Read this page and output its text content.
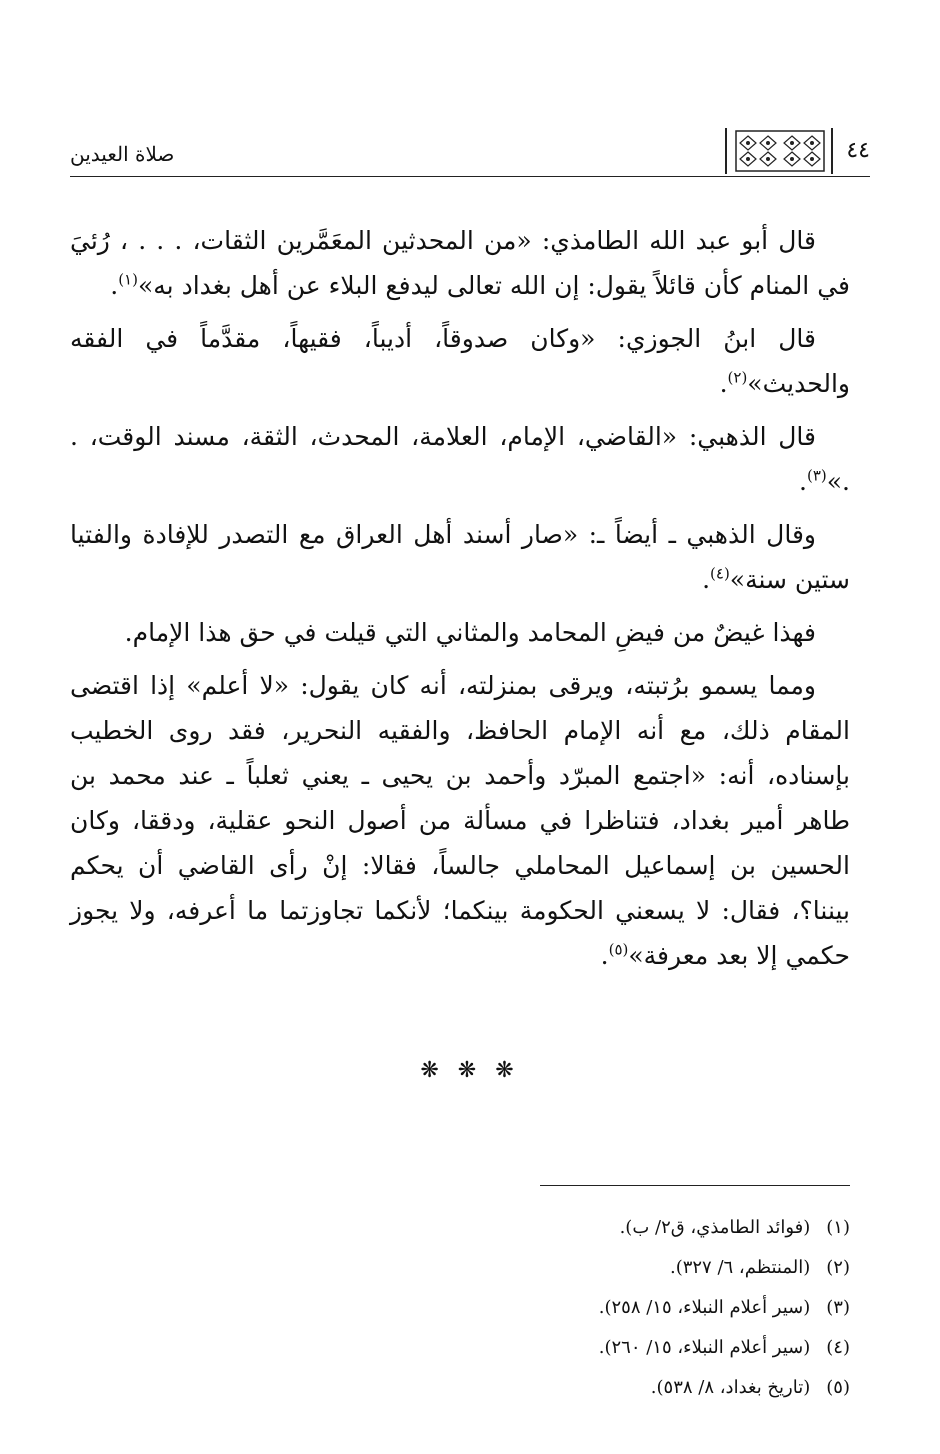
صلاة العيدين	٤٤

قال أبو عبد الله الطامذي: «من المحدثين المعَمَّرين الثقات، . . . ، رُئيَ في المنام كأن قائلاً يقول: إن الله تعالى ليدفع البلاء عن أهل بغداد به»$^{(١)}$.

قال ابنُ الجوزي: «وكان صدوقاً، أديباً، فقيهاً، مقدَّماً في الفقه والحديث»$^{(٢)}$.

قال الذهبي: «القاضي، الإمام، العلامة، المحدث، الثقة، مسند الوقت، . .»$^{(٣)}$.

وقال الذهبي ـ أيضاً ـ: «صار أسند أهل العراق مع التصدر للإفادة والفتيا ستين سنة»$^{(٤)}$.

فهذا غيضٌ من فيضِ المحامد والمثاني التي قيلت في حق هذا الإمام.

ومما يسمو برُتبته، ويرقى بمنزلته، أنه كان يقول: «لا أعلم» إذا اقتضى المقام ذلك، مع أنه الإمام الحافظ، والفقيه النحرير، فقد روى الخطيب بإسناده، أنه: «اجتمع المبرّد وأحمد بن يحيى ـ يعني ثعلباً ـ عند محمد بن طاهر أمير بغداد، فتناظرا في مسألة من أصول النحو عقلية، ودققا، وكان الحسين بن إسماعيل المحاملي جالساً، فقالا: إنْ رأى القاضي أن يحكم بيننا؟، فقال: لا يسعني الحكومة بينكما؛ لأنكما تجاوزتما ما أعرفه، ولا يجوز حكمي إلا بعد معرفة»$^{(٥)}$.

❋ ❋ ❋
(١) (فوائد الطامذي، ق٢/ ب).
(٢) (المنتظم، ٦/ ٣٢٧).
(٣) (سير أعلام النبلاء، ١٥/ ٢٥٨).
(٤) (سير أعلام النبلاء، ١٥/ ٢٦٠).
(٥) (تاريخ بغداد، ٨/ ٥٣٨).
